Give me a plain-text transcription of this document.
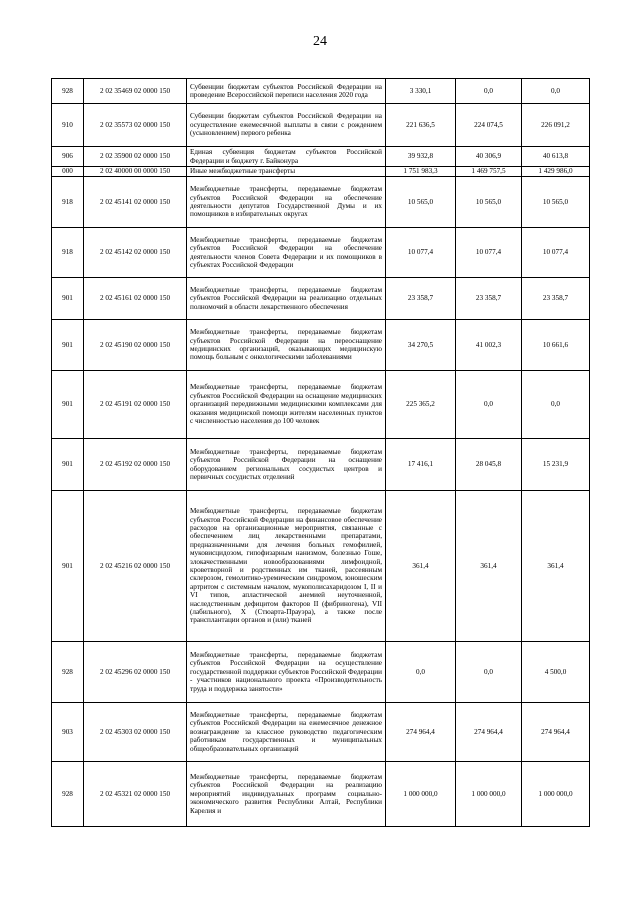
24
928	2 02 35469 02 0000 150	Субвенции бюджетам субъектов Российской Федерации на проведение Всероссийской переписи населения 2020 года	3 330,1	0,0	0,0
910	2 02 35573 02 0000 150	Субвенции бюджетам субъектов Российской Федерации на осуществление ежемесячной выплаты в связи с рождением (усыновлением) первого ребенка	221 636,5	224 074,5	226 091,2
906	2 02 35900 02 0000 150	Единая субвенция бюджетам субъектов Российской Федерации и бюджету г. Байконура	39 932,8	40 306,9	40 613,8
000	2 02 40000 00 0000 150	Иные межбюджетные трансферты	1 751 983,3	1 469 757,5	1 429 986,0
918	2 02 45141 02 0000 150	Межбюджетные трансферты, передаваемые бюджетам субъектов Российской Федерации на обеспечение деятельности депутатов Государственной Думы и их помощников в избирательных округах	10 565,0	10 565,0	10 565,0
918	2 02 45142 02 0000 150	Межбюджетные трансферты, передаваемые бюджетам субъектов Российской Федерации на обеспечение деятельности членов Совета Федерации и их помощников в субъектах Российской Федерации	10 077,4	10 077,4	10 077,4
901	2 02 45161 02 0000 150	Межбюджетные трансферты, передаваемые бюджетам субъектов Российской Федерации на реализацию отдельных полномочий в области лекарственного обеспечения	23 358,7	23 358,7	23 358,7
901	2 02 45190 02 0000 150	Межбюджетные трансферты, передаваемые бюджетам субъектов Российской Федерации на переоснащение медицинских организаций, оказывающих медицинскую помощь больным с онкологическими заболеваниями	34 270,5	41 002,3	10 661,6
901	2 02 45191 02 0000 150	Межбюджетные трансферты, передаваемые бюджетам субъектов Российской Федерации на оснащение медицинских организаций передвижными медицинскими комплексами для оказания медицинской помощи жителям населенных пунктов с численностью населения до 100 человек	225 365,2	0,0	0,0
901	2 02 45192 02 0000 150	Межбюджетные трансферты, передаваемые бюджетам субъектов Российской Федерации на оснащение оборудованием региональных сосудистых центров и первичных сосудистых отделений	17 416,1	28 045,8	15 231,9
901	2 02 45216 02 0000 150	Межбюджетные трансферты, передаваемые бюджетам субъектов Российской Федерации на финансовое обеспечение расходов на организационные мероприятия, связанные с обеспечением лиц лекарственными препаратами, предназначенными для лечения больных гемофилией, муковисцидозом, гипофизарным нанизмом, болезнью Гоше, злокачественными новообразованиями лимфоидной, кроветворной и родственных им тканей, рассеянным склерозом, гемолитико-уремическим синдромом, юношеским артритом с системным началом, мукополисахаридозом I, II и VI типов, апластической анемией неуточненной, наследственным дефицитом факторов II (фибриногена), VII (лабильного), X (Стюарта-Прауэра), а также после трансплантации органов и (или) тканей	361,4	361,4	361,4
928	2 02 45296 02 0000 150	Межбюджетные трансферты, передаваемые бюджетам субъектов Российской Федерации на осуществление государственной поддержки субъектов Российской Федерации - участников национального проекта «Производительность труда и поддержка занятости»	0,0	0,0	4 500,0
903	2 02 45303 02 0000 150	Межбюджетные трансферты, передаваемые бюджетам субъектов Российской Федерации на ежемесячное денежное вознаграждение за классное руководство педагогическим работникам государственных и муниципальных общеобразовательных организаций	274 964,4	274 964,4	274 964,4
928	2 02 45321 02 0000 150	Межбюджетные трансферты, передаваемые бюджетам субъектов Российской Федерации на реализацию мероприятий индивидуальных программ социально-экономического развития Республики Алтай, Республики Карелия и	1 000 000,0	1 000 000,0	1 000 000,0
